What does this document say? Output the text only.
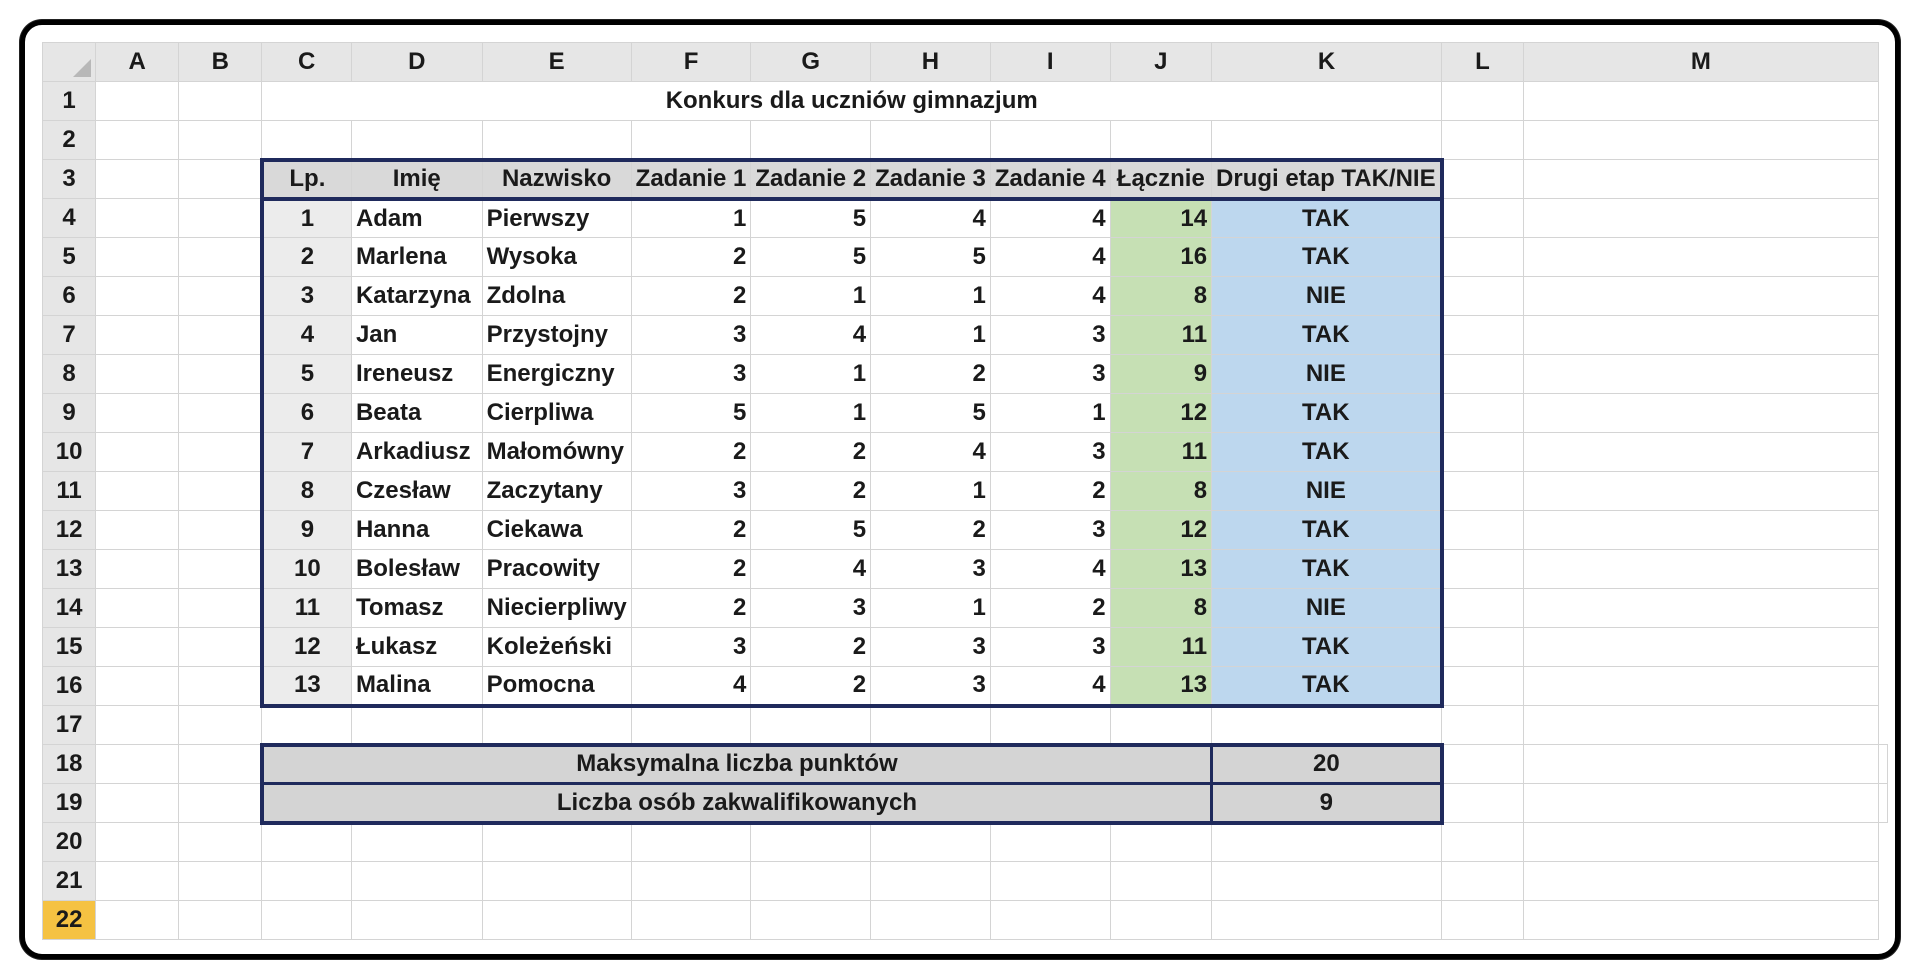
	A	B	C	D	E	F	G	H	I	J	K	L	M	
1			Konkurs dla uczniów gimnazjum											
2														
3			Lp.	Imię	Nazwisko	Zadanie 1	Zadanie 2	Zadanie 3	Zadanie 4	Łącznie	Drugi etap TAK/NIE			
4			1	Adam	Pierwszy	1	5	4	4	14	TAK			
5			2	Marlena	Wysoka	2	5	5	4	16	TAK			
6			3	Katarzyna	Zdolna	2	1	1	4	8	NIE			
7			4	Jan	Przystojny	3	4	1	3	11	TAK			
8			5	Ireneusz	Energiczny	3	1	2	3	9	NIE			
9			6	Beata	Cierpliwa	5	1	5	1	12	TAK			
10			7	Arkadiusz	Małomówny	2	2	4	3	11	TAK			
11			8	Czesław	Zaczytany	3	2	1	2	8	NIE			
12			9	Hanna	Ciekawa	2	5	2	3	12	TAK			
13			10	Bolesław	Pracowity	2	4	3	4	13	TAK			
14			11	Tomasz	Niecierpliwy	2	3	1	2	8	NIE			
15			12	Łukasz	Koleżeński	3	2	3	3	11	TAK			
16			13	Malina	Pomocna	4	2	3	4	13	TAK			
17														
18			Maksymalna liczba punktów								20			
19			Liczba osób zakwalifikowanych								9			
20														
21														
22														
